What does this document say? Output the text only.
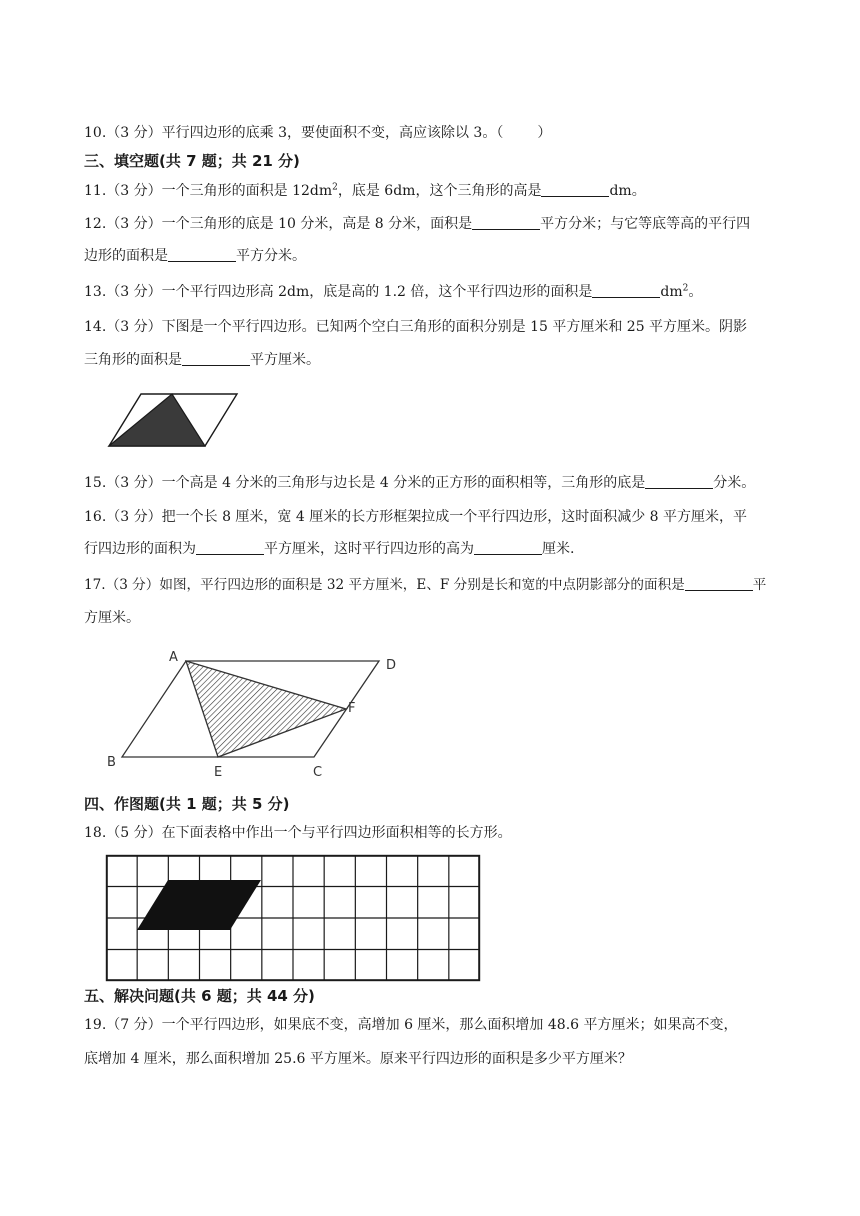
10.（3 分）平行四边形的底乘 3，要使面积不变，高应该除以 3。（ ）
三、填空题(共 7 题；共 21 分)
11.（3 分）一个三角形的面积是 $12dm^2$，底是 6dm，这个三角形的高是	dm。
12.（3 分）一个三角形的底是 10 分米，高是 8 分米，面积是	平方分米；与它等底等高的平行四
边形的面积是	平方分米。
13.（3 分）一个平行四边形高 2dm，底是高的 1.2 倍，这个平行四边形的面积是	$dm^2$。
14.（3 分）下图是一个平行四边形。已知两个空白三角形的面积分别是 15 平方厘米和 25 平方厘米。阴影
三角形的面积是	平方厘米。
15.（3 分）一个高是 4 分米的三角形与边长是 4 分米的正方形的面积相等，三角形的底是	分米。
16.（3 分）把一个长 8 厘米，宽 4 厘米的长方形框架拉成一个平行四边形，这时面积减少 8 平方厘米，平
行四边形的面积为	平方厘米，这时平行四边形的高为	厘米.
17.（3 分）如图，平行四边形的面积是 32 平方厘米，E、F 分别是长和宽的中点阴影部分的面积是	平
方厘米。
A
D
F
B
E	C
四、作图题(共 1 题；共 5 分)
18.（5 分）在下面表格中作出一个与平行四边形面积相等的长方形。
五、解决问题(共 6 题；共 44 分)
19.（7 分）一个平行四边形，如果底不变，高增加 6 厘米，那么面积增加 48.6 平方厘米；如果高不变，
底增加 4 厘米，那么面积增加 25.6 平方厘米。原来平行四边形的面积是多少平方厘米？
